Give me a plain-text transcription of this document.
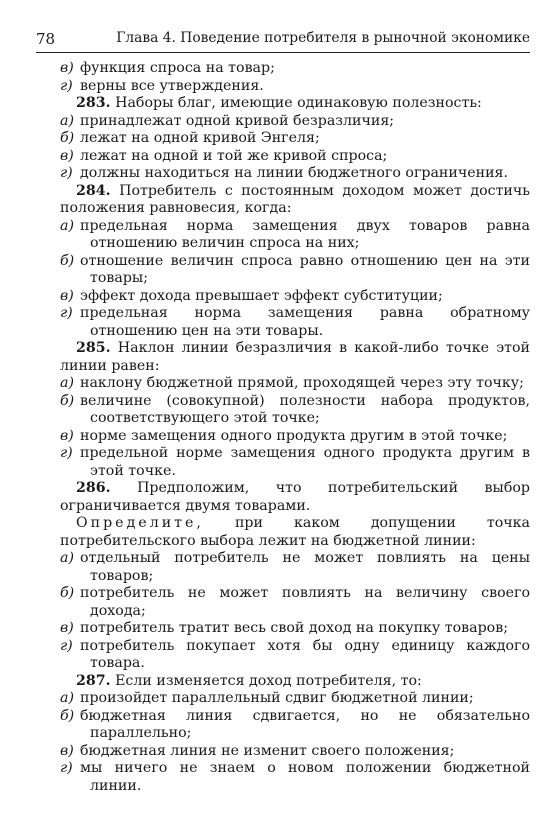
78	Глава 4. Поведение потребителя в рыночной экономике
в) функция спроса на товар;
г) верны все утверждения.
283. Наборы благ, имеющие одинаковую полезность:
а) принадлежат одной кривой безразличия;
б) лежат на одной кривой Энгеля;
в) лежат на одной и той же кривой спроса;
г) должны находиться на линии бюджетного ограничения.
284. Потребитель с постоянным доходом может достичь положения равновесия, когда:
а) предельная норма замещения двух товаров равна отношению величин спроса на них;
б) отношение величин спроса равно отношению цен на эти товары;
в) эффект дохода превышает эффект субституции;
г) предельная норма замещения равна обратному отношению цен на эти товары.
285. Наклон линии безразличия в какой-либо точке этой линии равен:
а) наклону бюджетной прямой, проходящей через эту точку;
б) величине (совокупной) полезности набора продуктов, соответствующего этой точке;
в) норме замещения одного продукта другим в этой точке;
г) предельной норме замещения одного продукта другим в этой точке.
286. Предположим, что потребительский выбор ограничивается двумя товарами.
Определите, при каком допущении точка потребительского выбора лежит на бюджетной линии:
а) отдельный потребитель не может повлиять на цены товаров;
б) потребитель не может повлиять на величину своего дохода;
в) потребитель тратит весь свой доход на покупку товаров;
г) потребитель покупает хотя бы одну единицу каждого товара.
287. Если изменяется доход потребителя, то:
а) произойдет параллельный сдвиг бюджетной линии;
б) бюджетная линия сдвигается, но не обязательно параллельно;
в) бюджетная линия не изменит своего положения;
г) мы ничего не знаем о новом положении бюджетной линии.
